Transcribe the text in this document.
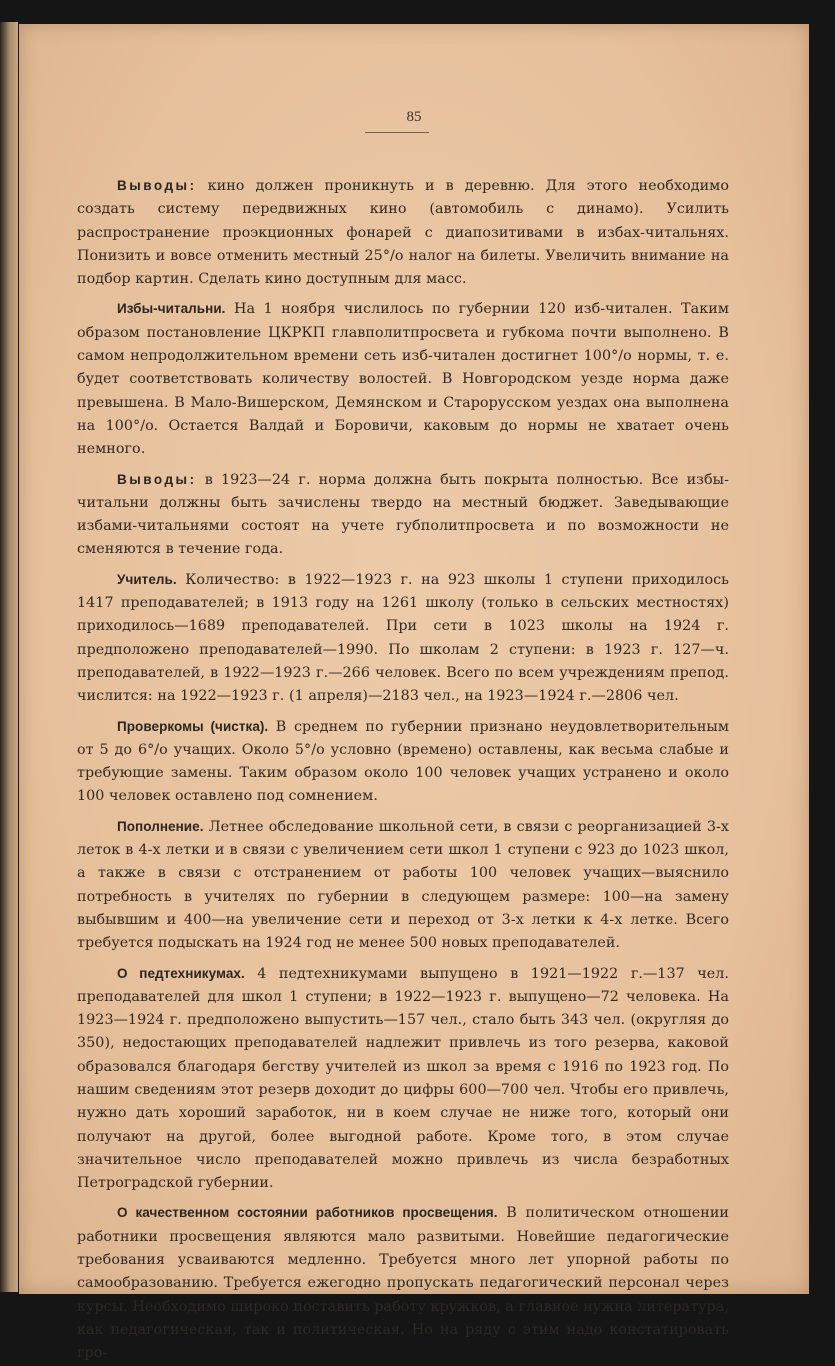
85

Выводы: кино должен проникнуть и в деревню. Для этого необходимо создать систему передвижных кино (автомобиль с динамо). Усилить распространение проэкционных фонарей с диапозитивами в избах-читальнях. Понизить и вовсе отменить местный 25°/o налог на билеты. Увеличить внимание на подбор картин. Сделать кино доступным для масс.

Избы-читальни. На 1 ноября числилось по губернии 120 изб-читален. Таким образом постановление ЦКРКП главполитпросвета и губкома почти выполнено. В самом непродолжительном времени сеть изб-читален достигнет 100°/o нормы, т. е. будет соответствовать количеству волостей. В Новгородском уезде норма даже превышена. В Мало-Вишерском, Демянском и Старорусском уездах она выполнена на 100°/o. Остается Валдай и Боровичи, каковым до нормы не хватает очень немного.

Выводы: в 1923—24 г. норма должна быть покрыта полностью. Все избы-читальни должны быть зачислены твердо на местный бюджет. Заведывающие избами-читальнями состоят на учете губполитпросвета и по возможности не сменяются в течение года.

Учитель. Количество: в 1922—1923 г. на 923 школы 1 ступени приходилось 1417 преподавателей; в 1913 году на 1261 школу (только в сельских местностях) приходилось—1689 преподавателей. При сети в 1023 школы на 1924 г. предположено преподавателей—1990. По школам 2 ступени: в 1923 г. 127—ч. преподавателей, в 1922—1923 г.—266 человек. Всего по всем учреждениям препод. числится: на 1922—1923 г. (1 апреля)—2183 чел., на 1923—1924 г.—2806 чел.

Проверкомы (чистка). В среднем по губернии признано неудовлетворительным от 5 до 6°/o учащих. Около 5°/o условно (времено) оставлены, как весьма слабые и требующие замены. Таким образом около 100 человек учащих устранено и около 100 человек оставлено под сомнением.

Пополнение. Летнее обследование школьной сети, в связи с реорганизацией 3-х леток в 4-х летки и в связи с увеличением сети школ 1 ступени с 923 до 1023 школ, а также в связи с отстранением от работы 100 человек учащих—выяснило потребность в учителях по губернии в следующем размере: 100—на замену выбывшим и 400—на увеличение сети и переход от 3-х летки к 4-х летке. Всего требуется подыскать на 1924 год не менее 500 новых преподавателей.

О педтехникумах. 4 педтехникумами выпущено в 1921—1922 г.—137 чел. преподавателей для школ 1 ступени; в 1922—1923 г. выпущено—72 человека. На 1923—1924 г. предположено выпустить—157 чел., стало быть 343 чел. (округляя до 350), недостающих преподавателей надлежит привлечь из того резерва, каковой образовался благодаря бегству учителей из школ за время с 1916 по 1923 год. По нашим сведениям этот резерв доходит до цифры 600—700 чел. Чтобы его привлечь, нужно дать хороший заработок, ни в коем случае не ниже того, который они получают на другой, более выгодной работе. Кроме того, в этом случае значительное число преподавателей можно привлечь из числа безработных Петроградской губернии.

О качественном состоянии работников просвещения. В политическом отношении работники просвещения являются мало развитыми. Новейшие педагогические требования усваиваются медленно. Требуется много лет упорной работы по самообразованию. Требуется ежегодно пропускать педагогический персонал через курсы. Необходимо широко поставить работу кружков, а главное нужна литература, как педагогическая, так и политическая. Но на ряду с этим надо констатировать гро-
